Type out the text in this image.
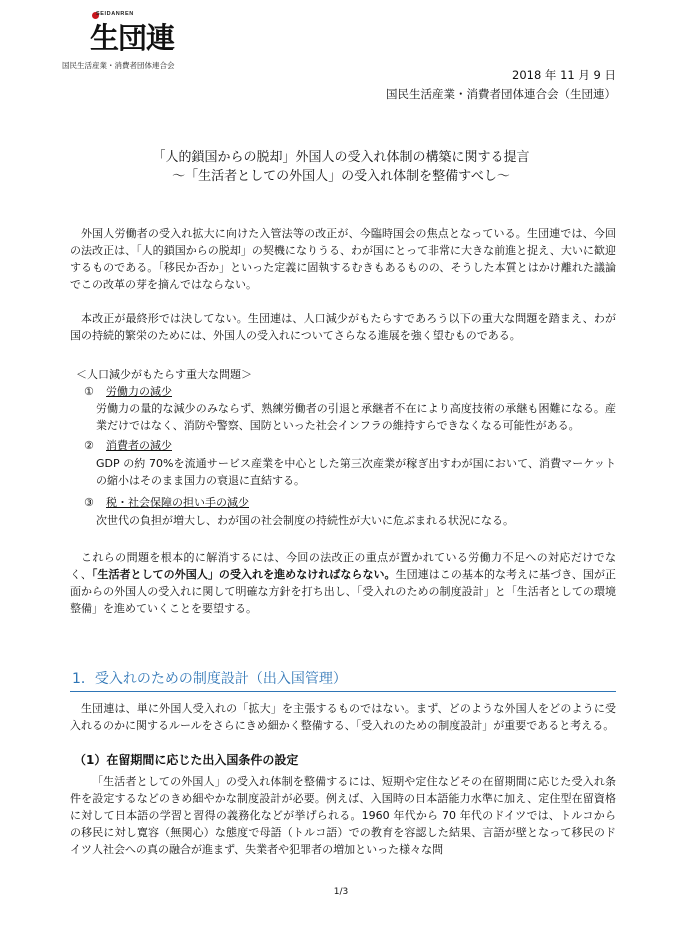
SEIDANREN
生団連
国民生活産業・消費者団体連合会
2018 年 11 月 9 日
国民生活産業・消費者団体連合会（生団連）
「人的鎖国からの脱却」外国人の受入れ体制の構築に関する提言
～「生活者としての外国人」の受入れ体制を整備すべし～

外国人労働者の受入れ拡大に向けた入管法等の改正が、今臨時国会の焦点となっている。生団連では、今回の法改正は、「人的鎖国からの脱却」の契機になりうる、わが国にとって非常に大きな前進と捉え、大いに歓迎するものである。「移民か否か」といった定義に固執するむきもあるものの、そうした本質とはかけ離れた議論でこの改革の芽を摘んではならない。

本改正が最終形では決してない。生団連は、人口減少がもたらすであろう以下の重大な問題を踏まえ、わが国の持続的繁栄のためには、外国人の受入れについてさらなる進展を強く望むものである。

＜人口減少がもたらす重大な問題＞
① 労働力の減少
労働力の量的な減少のみならず、熟練労働者の引退と承継者不在により高度技術の承継も困難になる。産業だけではなく、消防や警察、国防といった社会インフラの維持すらできなくなる可能性がある。
② 消費者の減少
GDP の約 70%を流通サービス産業を中心とした第三次産業が稼ぎ出すわが国において、消費マーケットの縮小はそのまま国力の衰退に直結する。
③ 税・社会保障の担い手の減少
次世代の負担が増大し、わが国の社会制度の持続性が大いに危ぶまれる状況になる。

これらの問題を根本的に解消するには、今回の法改正の重点が置かれている労働力不足への対応だけでなく、「生活者としての外国人」の受入れを進めなければならない。生団連はこの基本的な考えに基づき、国が正面からの外国人の受入れに関して明確な方針を打ち出し、「受入れのための制度設計」と「生活者としての環境整備」を進めていくことを要望する。

1．受入れのための制度設計（出入国管理）

生団連は、単に外国人受入れの「拡大」を主張するものではない。まず、どのような外国人をどのように受入れるのかに関するルールをさらにきめ細かく整備する、「受入れのための制度設計」が重要であると考える。

（1）在留期間に応じた出入国条件の設定

「生活者としての外国人」の受入れ体制を整備するには、短期や定住などその在留期間に応じた受入れ条件を設定するなどのきめ細やかな制度設計が必要。例えば、入国時の日本語能力水準に加え、定住型在留資格に対して日本語の学習と習得の義務化などが挙げられる。1960 年代から 70 年代のドイツでは、トルコからの移民に対し寛容（無関心）な態度で母語（トルコ語）での教育を容認した結果、言語が壁となって移民のドイツ人社会への真の融合が進まず、失業者や犯罪者の増加といった様々な問

1/3
